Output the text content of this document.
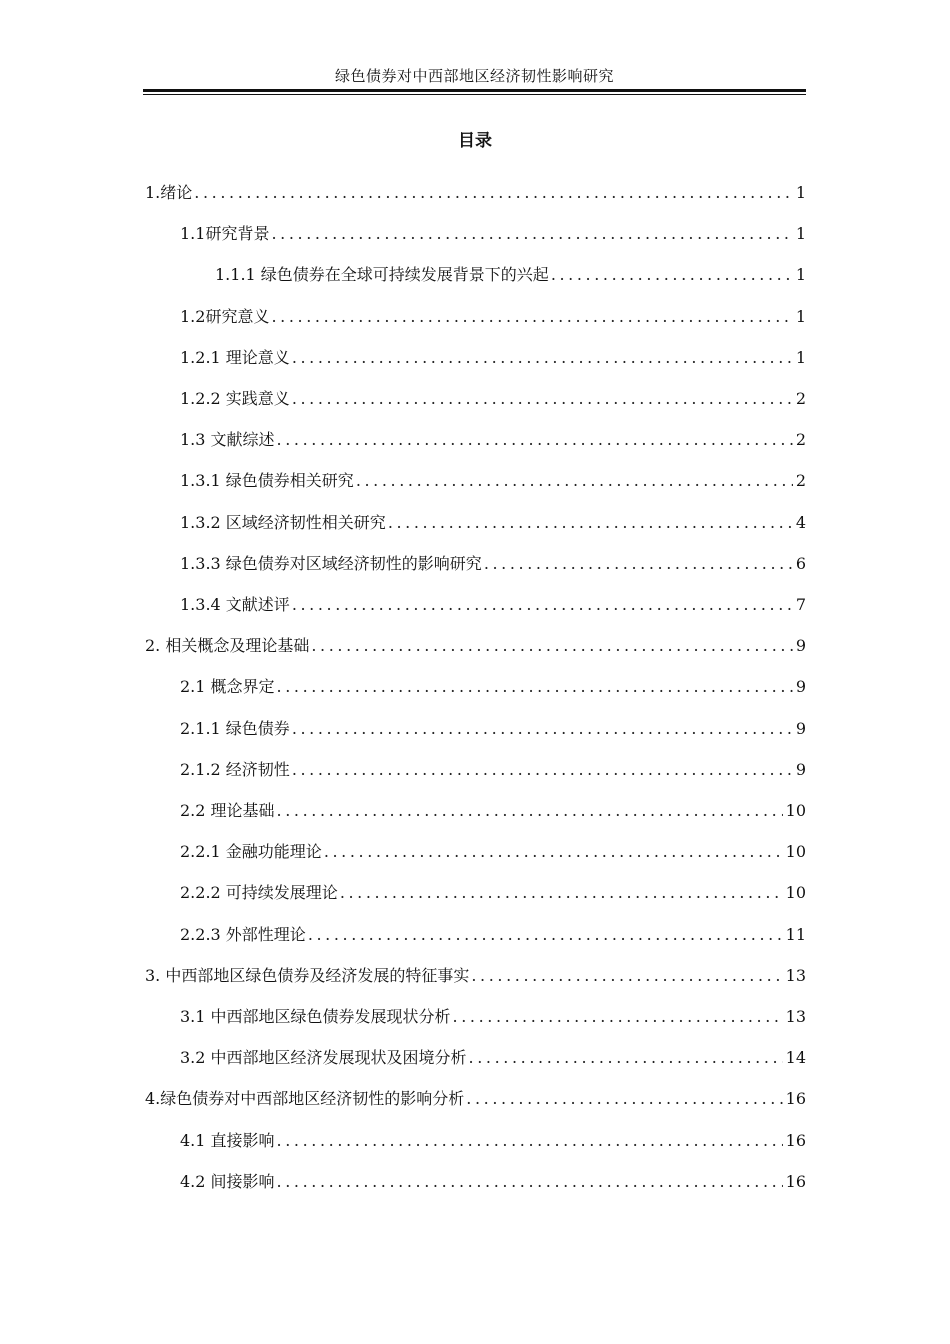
绿色债券对中西部地区经济韧性影响研究
目录
1.绪论 .....	1
1.1研究背景 .....	1
1.1.1 绿色债券在全球可持续发展背景下的兴起 .....	1
1.2研究意义 .....	1
1.2.1 理论意义 .....	1
1.2.2 实践意义 .....	2
1.3 文献综述 .....	2
1.3.1 绿色债券相关研究 .....	2
1.3.2 区域经济韧性相关研究 .....	4
1.3.3 绿色债券对区域经济韧性的影响研究 .....	6
1.3.4 文献述评 .....	7
2. 相关概念及理论基础 .....	9
2.1 概念界定 .....	9
2.1.1 绿色债券 .....	9
2.1.2 经济韧性 .....	9
2.2 理论基础 .....	10
2.2.1 金融功能理论 .....	10
2.2.2 可持续发展理论 .....	10
2.2.3 外部性理论 .....	11
3. 中西部地区绿色债券及经济发展的特征事实 .....	13
3.1 中西部地区绿色债券发展现状分析 .....	13
3.2 中西部地区经济发展现状及困境分析 .....	14
4.绿色债券对中西部地区经济韧性的影响分析 .....	16
4.1 直接影响 .....	16
4.2 间接影响 .....	16
